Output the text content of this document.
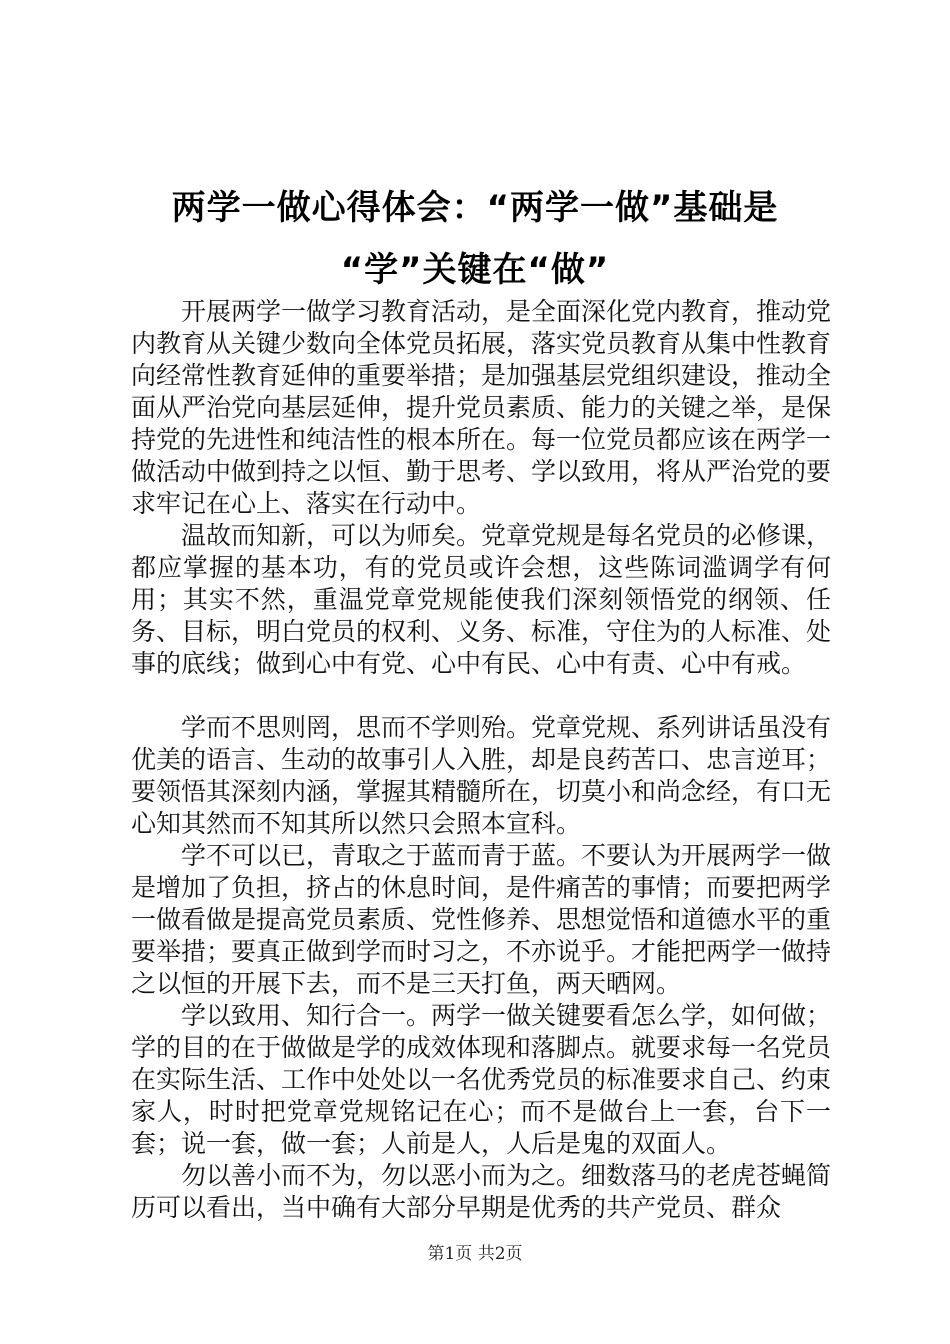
两学一做心得体会：“两学一做”基础是
“学”关键在“做”

开展两学一做学习教育活动，是全面深化党内教育，推动党内教育从关键少数向全体党员拓展，落实党员教育从集中性教育向经常性教育延伸的重要举措；是加强基层党组织建设，推动全面从严治党向基层延伸，提升党员素质、能力的关键之举，是保持党的先进性和纯洁性的根本所在。每一位党员都应该在两学一做活动中做到持之以恒、勤于思考、学以致用，将从严治党的要求牢记在心上、落实在行动中。

温故而知新，可以为师矣。党章党规是每名党员的必修课，都应掌握的基本功，有的党员或许会想，这些陈词滥调学有何用；其实不然，重温党章党规能使我们深刻领悟党的纲领、任务、目标，明白党员的权利、义务、标准，守住为的人标准、处事的底线；做到心中有党、心中有民、心中有责、心中有戒。

学而不思则罔，思而不学则殆。党章党规、系列讲话虽没有优美的语言、生动的故事引人入胜，却是良药苦口、忠言逆耳；要领悟其深刻内涵，掌握其精髓所在，切莫小和尚念经，有口无心知其然而不知其所以然只会照本宣科。

学不可以已，青取之于蓝而青于蓝。不要认为开展两学一做是增加了负担，挤占的休息时间，是件痛苦的事情；而要把两学一做看做是提高党员素质、党性修养、思想觉悟和道德水平的重要举措；要真正做到学而时习之，不亦说乎。才能把两学一做持之以恒的开展下去，而不是三天打鱼，两天晒网。

学以致用、知行合一。两学一做关键要看怎么学，如何做；学的目的在于做做是学的成效体现和落脚点。就要求每一名党员在实际生活、工作中处处以一名优秀党员的标准要求自己、约束家人，时时把党章党规铭记在心；而不是做台上一套，台下一套；说一套，做一套；人前是人，人后是鬼的双面人。

勿以善小而不为，勿以恶小而为之。细数落马的老虎苍蝇简历可以看出，当中确有大部分早期是优秀的共产党员、群众

第1页 共2页
